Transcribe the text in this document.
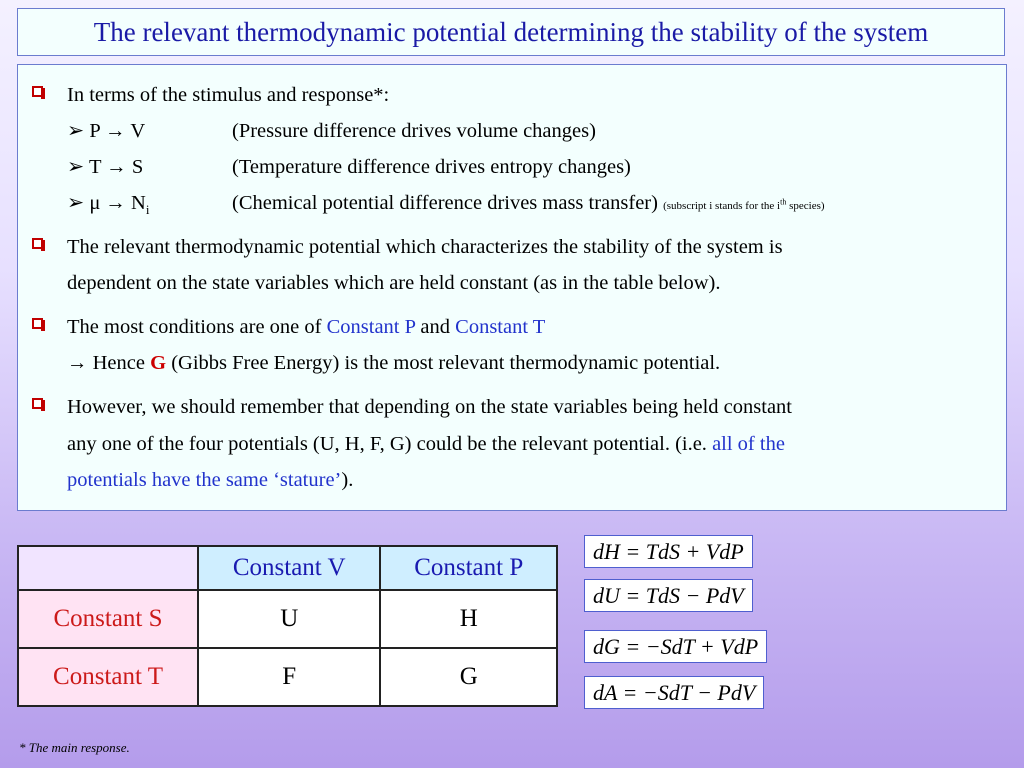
The relevant thermodynamic potential determining the stability of the system
In terms of the stimulus and response*:
➢ P → V	(Pressure difference drives volume changes)
➢ T → S	(Temperature difference drives entropy changes)
➢ $\mu \to N_i$	(Chemical potential difference drives mass transfer) (subscript i stands for the $i^{th}$ species)
The relevant thermodynamic potential which characterizes the stability of the system is
dependent on the state variables which are held constant (as in the table below).
The most conditions are one of Constant P and Constant T
→ Hence G (Gibbs Free Energy) is the most relevant thermodynamic potential.
However, we should remember that depending on the state variables being held constant
any one of the four potentials (U, H, F, G) could be the relevant potential. (i.e. all of the
potentials have the same ‘stature’).
	Constant V	Constant P
Constant S	U	H
Constant T	F	G
dH = TdS + VdP
dU = TdS − PdV
dG = −SdT + VdP
dA = −SdT − PdV
* The main response.
